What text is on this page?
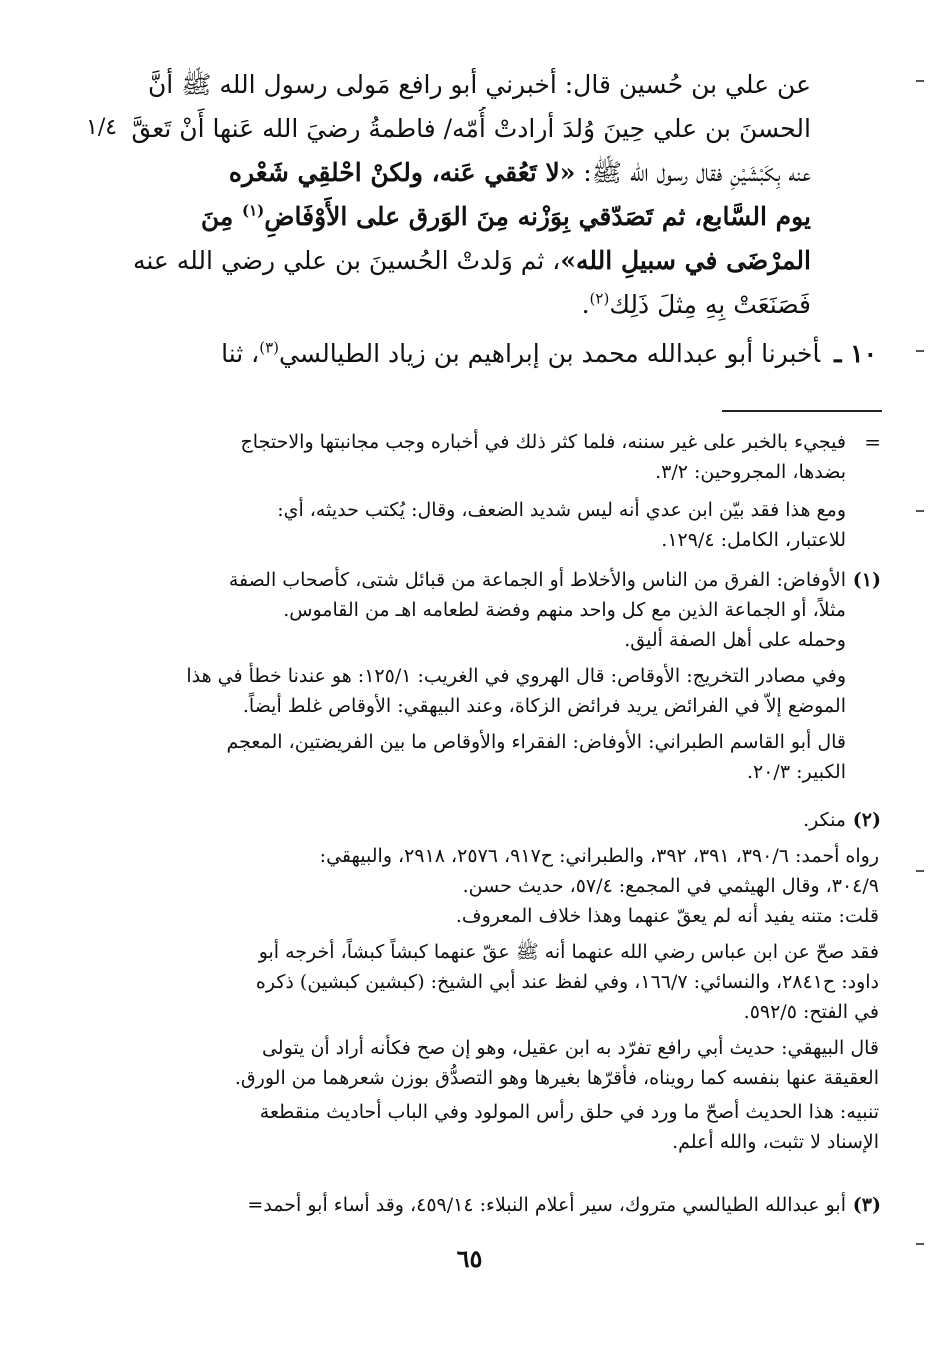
عن علي بن حُسين قال: أخبرني أبو رافع مَولى رسول الله ﷺ أنَّ
الحسنَ بن علي حِينَ وُلدَ أرادتْ أُمّه/ فاطمةُ رضيَ الله عَنها أَنْ تَعقَّ
عنه بِكَبْشَيْنِ فقال رسول الله ﷺ: «لا تَعُقي عَنه، ولكنْ احْلقِي شَعْره
يوم السَّابع، ثم تَصَدّقي بِوَزْنه مِنَ الوَرق على الأَوْفَاضِ$^{(١)}$ مِنَ
المرْضَى في سبيلِ الله»، ثم وَلدتْ الحُسينَ بن علي رضي الله عنه
فَصَنَعَتْ بِهِ مِثلَ ذَلِك$^{(٢)}$.
١/٤
١٠ ـأخبرنا أبو عبدالله محمد بن إبراهيم بن زياد الطيالسي$^{(٣)}$، ثنا
=
فيجيء بالخبر على غير سننه، فلما كثر ذلك في أخباره وجب مجانبتها والاحتجاج
بضدها، المجروحين: ٣/٢.
ومع هذا فقد بيّن ابن عدي أنه ليس شديد الضعف، وقال: يُكتب حديثه، أي:
للاعتبار، الكامل: ١٢٩/٤.
(١)
الأوفاض: الفرق من الناس والأخلاط أو الجماعة من قبائل شتى، كأصحاب الصفة
مثلاً، أو الجماعة الذين مع كل واحد منهم وفضة لطعامه اهـ من القاموس.
وحمله على أهل الصفة أليق.
وفي مصادر التخريج: الأوقاص: قال الهروي في الغريب: ١٢٥/١: هو عندنا خطأ في هذا
الموضع إلاّ في الفرائض يريد فرائض الزكاة، وعند البيهقي: الأوقاص غلط أيضاً.
قال أبو القاسم الطبراني: الأوفاض: الفقراء والأوقاص ما بين الفريضتين، المعجم
الكبير: ٢٠/٣.
(٢)
منكر.
رواه أحمد: ٣٩٠/٦، ٣٩١، ٣٩٢، والطبراني: ح٩١٧، ٢٥٧٦، ٢٩١٨، والبيهقي:
٣٠٤/٩، وقال الهيثمي في المجمع: ٥٧/٤، حديث حسن.
قلت: متنه يفيد أنه لم يعقّ عنهما وهذا خلاف المعروف.
فقد صحّ عن ابن عباس رضي الله عنهما أنه ﷺ عقّ عنهما كبشاً كبشاً، أخرجه أبو
داود: ح٢٨٤١، والنسائي: ١٦٦/٧، وفي لفظ عند أبي الشيخ: (كبشين كبشين) ذكره
في الفتح: ٥٩٢/٥.
قال البيهقي: حديث أبي رافع تفرّد به ابن عقيل، وهو إن صح فكأنه أراد أن يتولى
العقيقة عنها بنفسه كما رويناه، فأقرّها بغيرها وهو التصدُّق بوزن شعرهما من الورق.
تنبيه: هذا الحديث أصحّ ما ورد في حلق رأس المولود وفي الباب أحاديث منقطعة
الإسناد لا تثبت، والله أعلم.
(٣)
أبو عبدالله الطيالسي متروك، سير أعلام النبلاء: ٤٥٩/١٤، وقد أساء أبو أحمد=
٦٥
